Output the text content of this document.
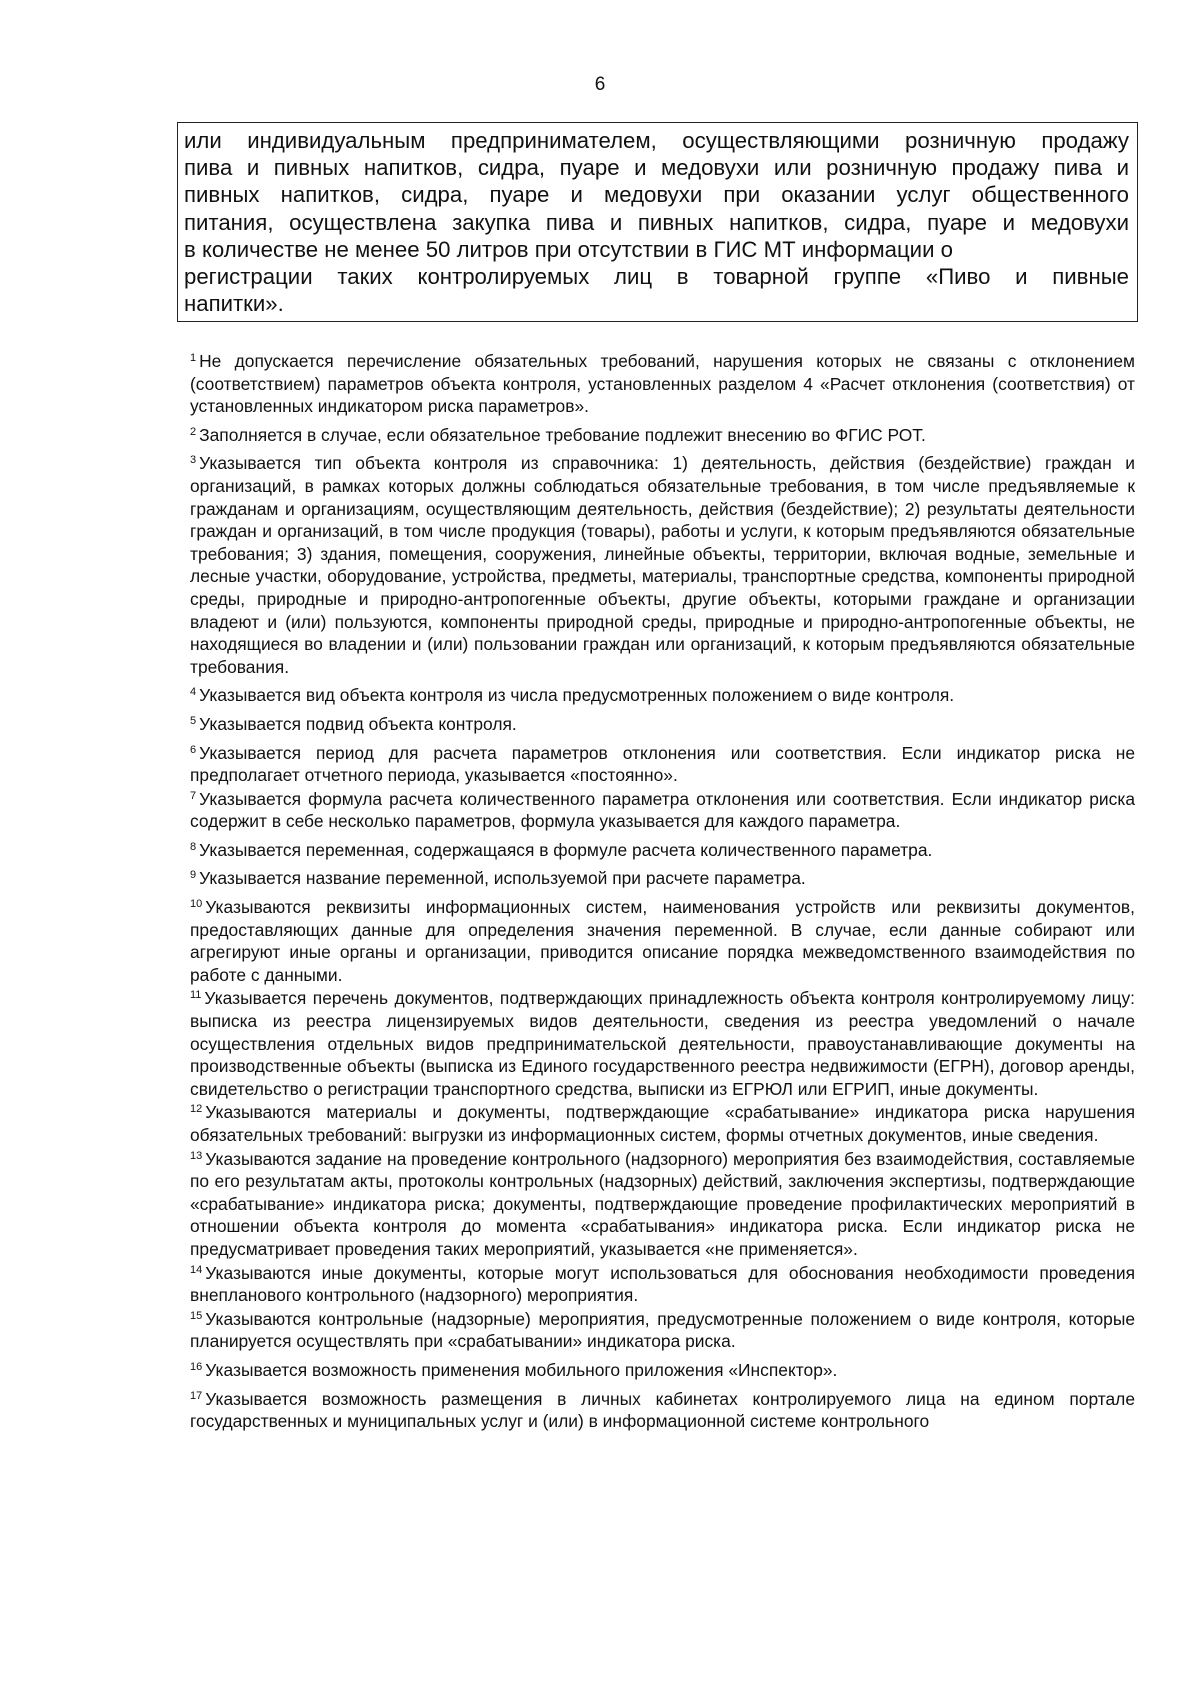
6
или индивидуальным предпринимателем, осуществляющими розничную продажу
пива и пивных напитков, сидра, пуаре и медовухи или розничную продажу пива и
пивных напитков, сидра, пуаре и медовухи при оказании услуг общественного
питания, осуществлена закупка пива и пивных напитков, сидра, пуаре и медовухи
в количестве не менее 50 литров при отсутствии в ГИС МТ информации о
регистрации таких контролируемых лиц в товарной группе «Пиво и пивные
напитки».

$^1$ Не допускается перечисление обязательных требований, нарушения которых не связаны с отклонением (соответствием) параметров объекта контроля, установленных разделом 4 «Расчет отклонения (соответствия) от установленных индикатором риска параметров».

$^2$ Заполняется в случае, если обязательное требование подлежит внесению во ФГИС РОТ.

$^3$ Указывается тип объекта контроля из справочника: 1) деятельность, действия (бездействие) граждан и организаций, в рамках которых должны соблюдаться обязательные требования, в том числе предъявляемые к гражданам и организациям, осуществляющим деятельность, действия (бездействие); 2) результаты деятельности граждан и организаций, в том числе продукция (товары), работы и услуги, к которым предъявляются обязательные требования; 3) здания, помещения, сооружения, линейные объекты, территории, включая водные, земельные и лесные участки, оборудование, устройства, предметы, материалы, транспортные средства, компоненты природной среды, природные и природно-антропогенные объекты, другие объекты, которыми граждане и организации владеют и (или) пользуются, компоненты природной среды, природные и природно-антропогенные объекты, не находящиеся во владении и (или) пользовании граждан или организаций, к которым предъявляются обязательные требования.

$^4$ Указывается вид объекта контроля из числа предусмотренных положением о виде контроля.

$^5$ Указывается подвид объекта контроля.

$^6$ Указывается период для расчета параметров отклонения или соответствия. Если индикатор риска не предполагает отчетного периода, указывается «постоянно».

$^7$ Указывается формула расчета количественного параметра отклонения или соответствия. Если индикатор риска содержит в себе несколько параметров, формула указывается для каждого параметра.

$^8$ Указывается переменная, содержащаяся в формуле расчета количественного параметра.

$^9$ Указывается название переменной, используемой при расчете параметра.

$^{10}$ Указываются реквизиты информационных систем, наименования устройств или реквизиты документов, предоставляющих данные для определения значения переменной. В случае, если данные собирают или агрегируют иные органы и организации, приводится описание порядка межведомственного взаимодействия по работе с данными.

$^{11}$ Указывается перечень документов, подтверждающих принадлежность объекта контроля контролируемому лицу: выписка из реестра лицензируемых видов деятельности, сведения из реестра уведомлений о начале осуществления отдельных видов предпринимательской деятельности, правоустанавливающие документы на производственные объекты (выписка из Единого государственного реестра недвижимости (ЕГРН), договор аренды, свидетельство о регистрации транспортного средства, выписки из ЕГРЮЛ или ЕГРИП, иные документы.

$^{12}$ Указываются материалы и документы, подтверждающие «срабатывание» индикатора риска нарушения обязательных требований: выгрузки из информационных систем, формы отчетных документов, иные сведения.

$^{13}$ Указываются задание на проведение контрольного (надзорного) мероприятия без взаимодействия, составляемые по его результатам акты, протоколы контрольных (надзорных) действий, заключения экспертизы, подтверждающие «срабатывание» индикатора риска; документы, подтверждающие проведение профилактических мероприятий в отношении объекта контроля до момента «срабатывания» индикатора риска. Если индикатор риска не предусматривает проведения таких мероприятий, указывается «не применяется».

$^{14}$ Указываются иные документы, которые могут использоваться для обоснования необходимости проведения внепланового контрольного (надзорного) мероприятия.

$^{15}$ Указываются контрольные (надзорные) мероприятия, предусмотренные положением о виде контроля, которые планируется осуществлять при «срабатывании» индикатора риска.

$^{16}$ Указывается возможность применения мобильного приложения «Инспектор».

$^{17}$ Указывается возможность размещения в личных кабинетах контролируемого лица на едином портале государственных и муниципальных услуг и (или) в информационной системе контрольного
